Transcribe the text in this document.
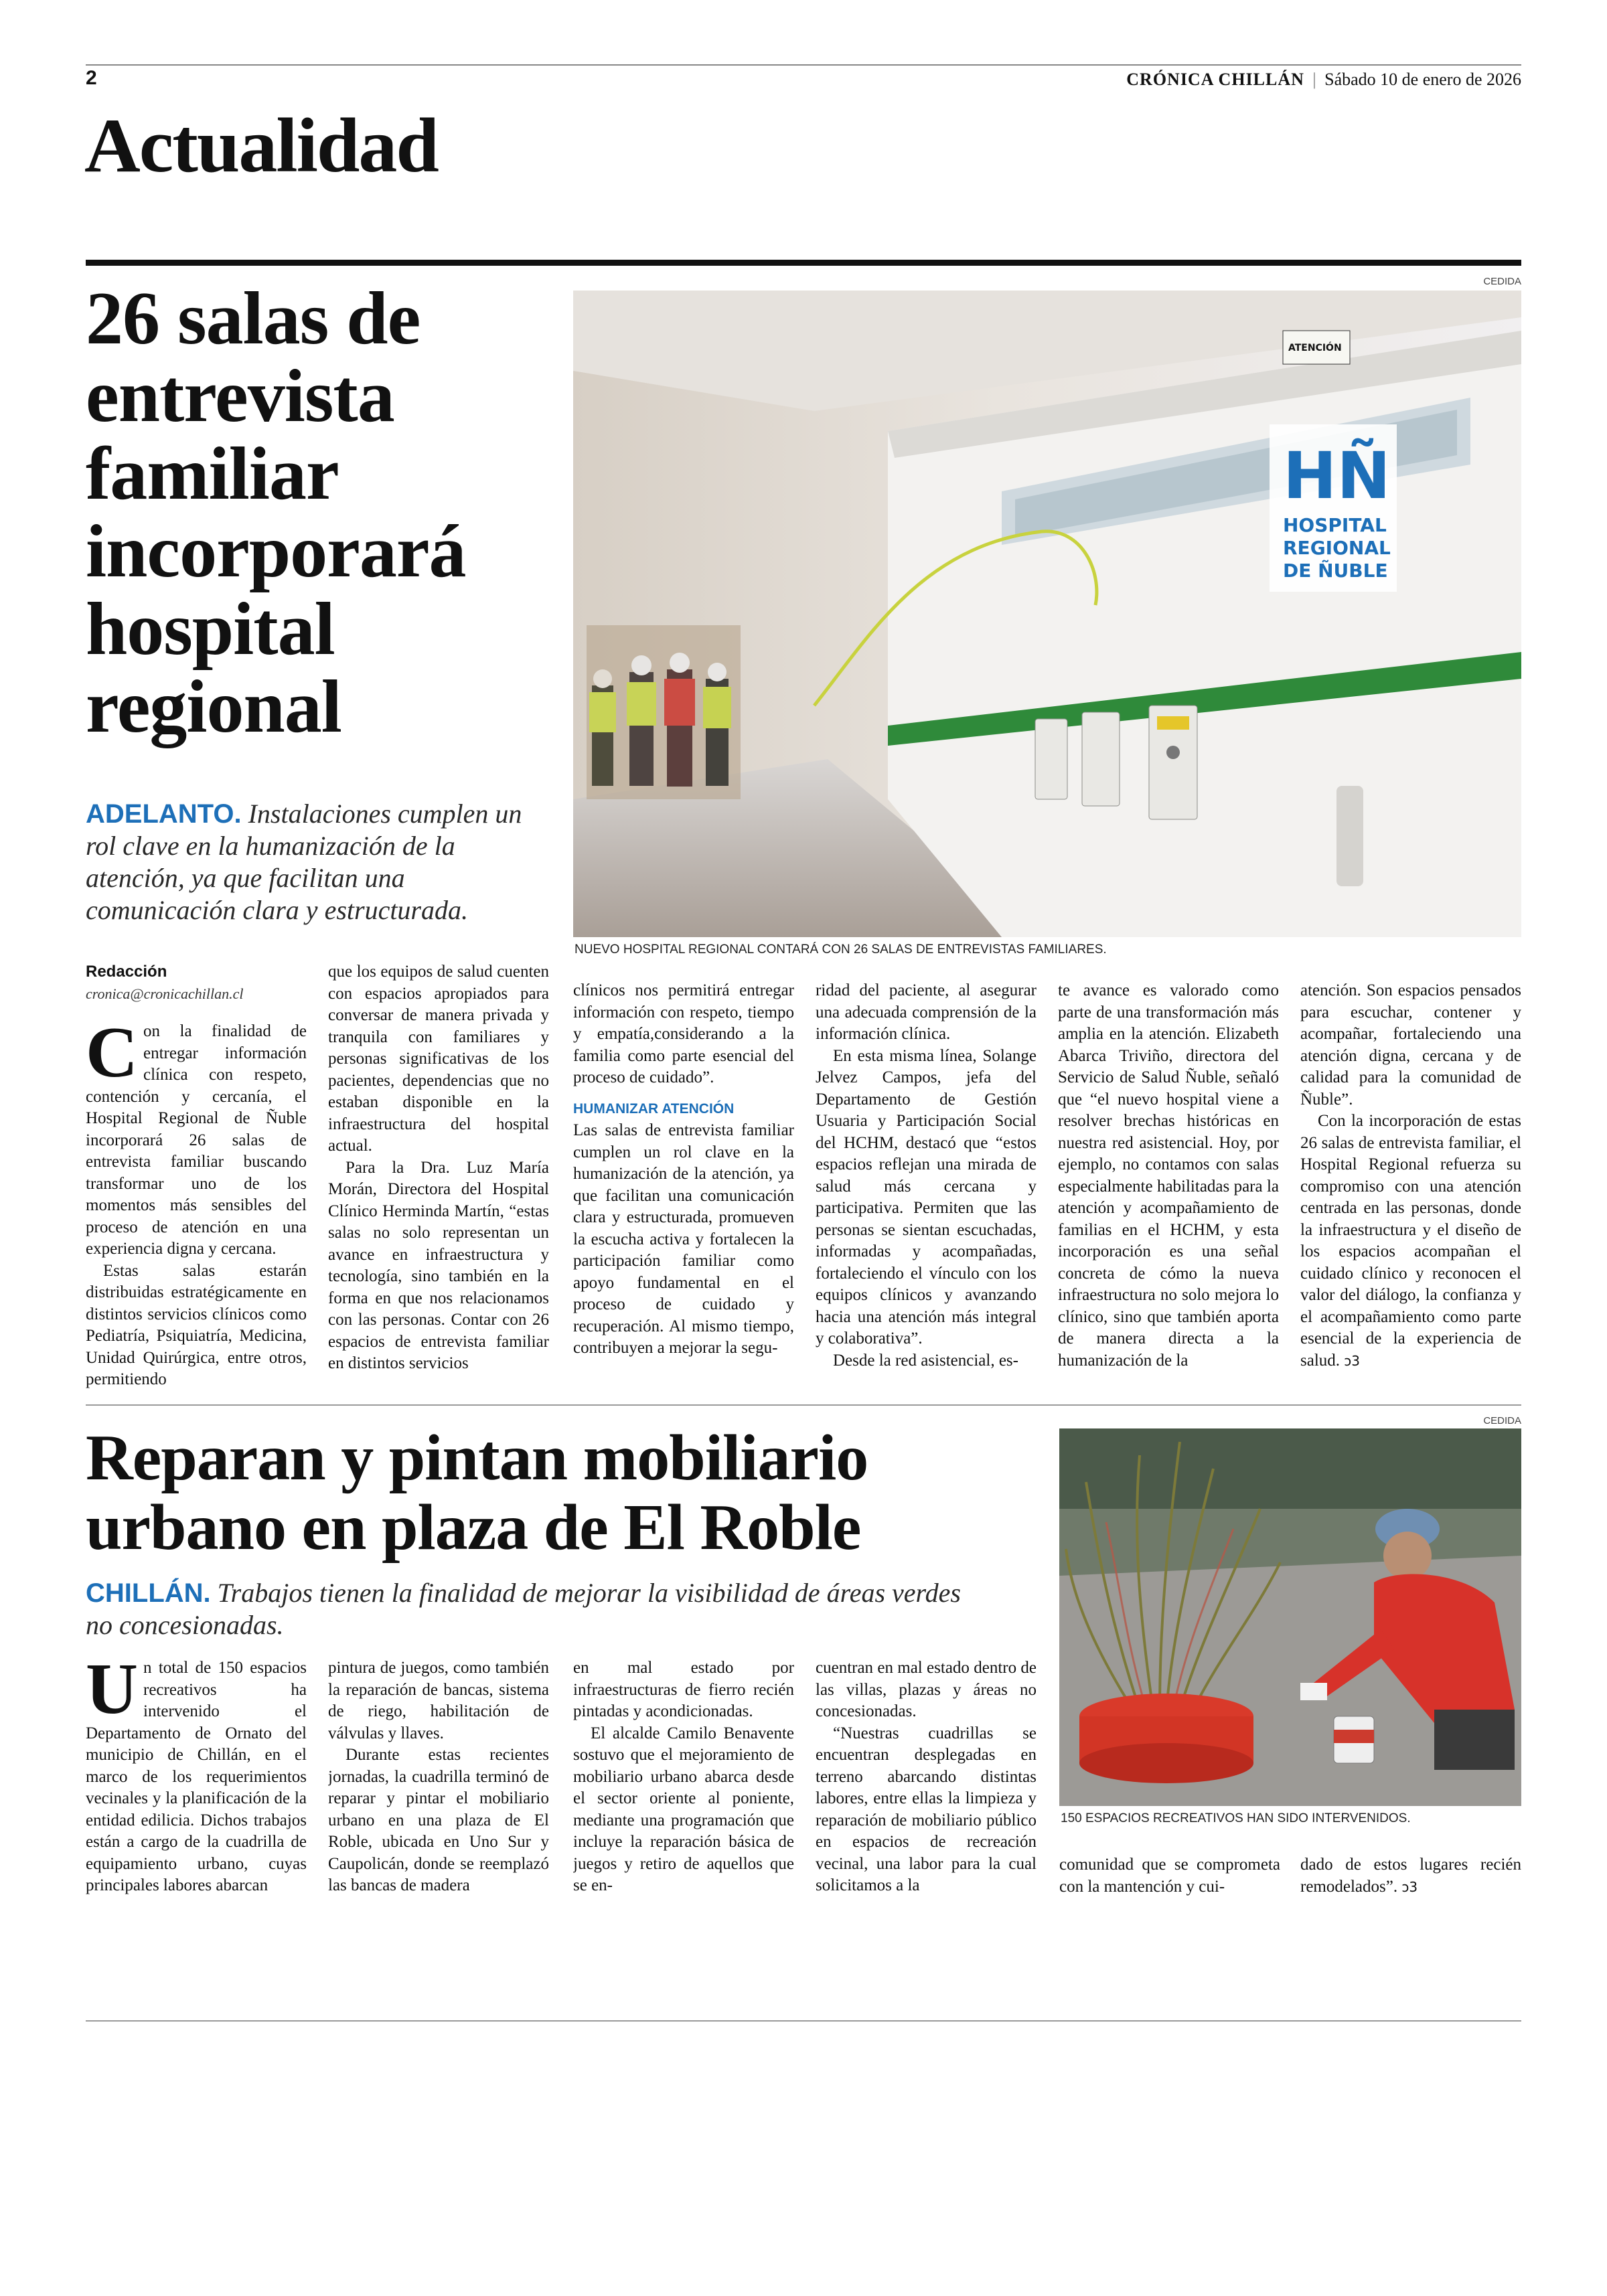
2	CRÓNICA CHILLÁN | Sábado 10 de enero de 2026
Actualidad
26 salas de entrevista familiar incorporará hospital regional
ADELANTO. Instalaciones cumplen un rol clave en la humanización de la atención, ya que facilitan una comunicación clara y estructurada.
CEDIDA
HÑ
HOSPITAL
REGIONAL
DE ÑUBLE
ATENCIÓN
NUEVO HOSPITAL REGIONAL CONTARÁ CON 26 SALAS DE ENTREVISTAS FAMILIARES.
Redacción
cronica@cronicachillan.cl
C on la finalidad de entregar información clínica con respeto, contención y cercanía, el Hospital Regional de Ñuble incorporará 26 salas de entrevista familiar buscando transformar uno de los momentos más sensibles del proceso de atención en una experiencia digna y cercana.

Estas salas estarán distribuidas estratégicamente en distintos servicios clínicos como Pediatría, Psiquiatría, Medicina, Unidad Quirúrgica, entre otros, permitiendo

que los equipos de salud cuenten con espacios apropiados para conversar de manera privada y tranquila con familiares y personas significativas de los pacientes, dependencias que no estaban disponible en la infraestructura del hospital actual.

Para la Dra. Luz María Morán, Directora del Hospital Clínico Herminda Martín, “estas salas no solo representan un avance en infraestructura y tecnología, sino también en la forma en que nos relacionamos con las personas. Contar con 26 espacios de entrevista familiar en distintos servicios

clínicos nos permitirá entregar información con respeto, tiempo y empatía,considerando a la familia como parte esencial del proceso de cuidado”.

HUMANIZAR ATENCIÓN

Las salas de entrevista familiar cumplen un rol clave en la humanización de la atención, ya que facilitan una comunicación clara y estructurada, promueven la escucha activa y fortalecen la participación familiar como apoyo fundamental en el proceso de cuidado y recuperación. Al mismo tiempo, contribuyen a mejorar la segu-

ridad del paciente, al asegurar una adecuada comprensión de la información clínica.

En esta misma línea, Solange Jelvez Campos, jefa del Departamento de Gestión Usuaria y Participación Social del HCHM, destacó que “estos espacios reflejan una mirada de salud más cercana y participativa. Permiten que las personas se sientan escuchadas, informadas y acompañadas, fortaleciendo el vínculo con los equipos clínicos y avanzando hacia una atención más integral y colaborativa”.

Desde la red asistencial, es-

te avance es valorado como parte de una transformación más amplia en la atención. Elizabeth Abarca Triviño, directora del Servicio de Salud Ñuble, señaló que “el nuevo hospital viene a resolver brechas históricas en nuestra red asistencial. Hoy, por ejemplo, no contamos con salas especialmente habilitadas para la atención y acompañamiento de familias en el HCHM, y esta incorporación es una señal concreta de cómo la nueva infraestructura no solo mejora lo clínico, sino que también aporta de manera directa a la humanización de la

atención. Son espacios pensados para escuchar, contener y acompañar, fortaleciendo una atención digna, cercana y de calidad para la comunidad de Ñuble”.

Con la incorporación de estas 26 salas de entrevista familiar, el Hospital Regional refuerza su compromiso con una atención centrada en las personas, donde la infraestructura y el diseño de los espacios acompañan el cuidado clínico y reconocen el valor del diálogo, la confianza y el acompañamiento como parte esencial de la experiencia de salud. ↄ3

Reparan y pintan mobiliario urbano en plaza de El Roble
CHILLÁN. Trabajos tienen la finalidad de mejorar la visibilidad de áreas verdes no concesionadas.
CEDIDA
150 ESPACIOS RECREATIVOS HAN SIDO INTERVENIDOS.
U n total de 150 espacios recreativos ha intervenido el Departamento de Ornato del municipio de Chillán, en el marco de los requerimientos vecinales y la planificación de la entidad edilicia. Dichos trabajos están a cargo de la cuadrilla de equipamiento urbano, cuyas principales labores abarcan

pintura de juegos, como también la reparación de bancas, sistema de riego, habilitación de válvulas y llaves.

Durante estas recientes jornadas, la cuadrilla terminó de reparar y pintar el mobiliario urbano en una plaza de El Roble, ubicada en Uno Sur y Caupolicán, donde se reemplazó las bancas de madera

en mal estado por infraestructuras de fierro recién pintadas y acondicionadas.

El alcalde Camilo Benavente sostuvo que el mejoramiento de mobiliario urbano abarca desde el sector oriente al poniente, mediante una programación que incluye la reparación básica de juegos y retiro de aquellos que se en-

cuentran en mal estado dentro de las villas, plazas y áreas no concesionadas.

“Nuestras cuadrillas se encuentran desplegadas en terreno abarcando distintas labores, entre ellas la limpieza y reparación de mobiliario público en espacios de recreación vecinal, una labor para la cual solicitamos a la

comunidad que se comprometa con la mantención y cui-

dado de estos lugares recién remodelados”. ↄ3
